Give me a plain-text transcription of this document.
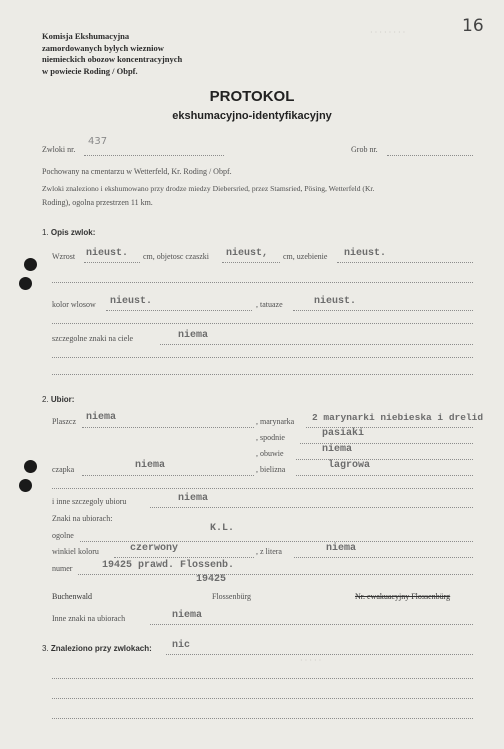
16
· · · · · · · ·
Komisja Ekshumacyjna
zamordowanych bylych wiezniow
niemieckich obozow koncentracyjnych
w powiecie Roding / Obpf.
PROTOKOL
ekshumacyjno-identyfikacyjny
Zwloki nr.
437
Grob nr.
Pochowany na cmentarzu w Wetterfeld, Kr. Roding / Obpf.
Zwloki znaleziono i ekshumowano przy drodze miedzy Diebersried, przez Stamsried, Pösing, Wetterfeld (Kr.
Roding), ogolna przestrzen 11 km.
1. Opis zwlok:
Wzrost nieust. cm, objetosc czaszki nieust, cm, uzebienie nieust.
kolor wlosow nieust.	, tatuaze	nieust.
szczegolne znaki na ciele	niema
2. Ubior:
Plaszcz niema	, marynarka 2 marynarki niebieska i drelid
, spodnie	pasiaki
, obuwie	niema
czapka	niema	, bielizna	lagrowa
i inne szczegoly ubioru	niema
Znaki na ubiorach:
ogolne
K.L.
winkiel koloru	czerwony	, z litera	niema
numer	19425 prawd. Flossenb.
19425
Buchenwald	Flossenbürg	Nr. ewakuacyjny Flossenbürg
Inne znaki na ubiorach	niema
3. Znaleziono przy zwlokach: nic
· · · · ·
